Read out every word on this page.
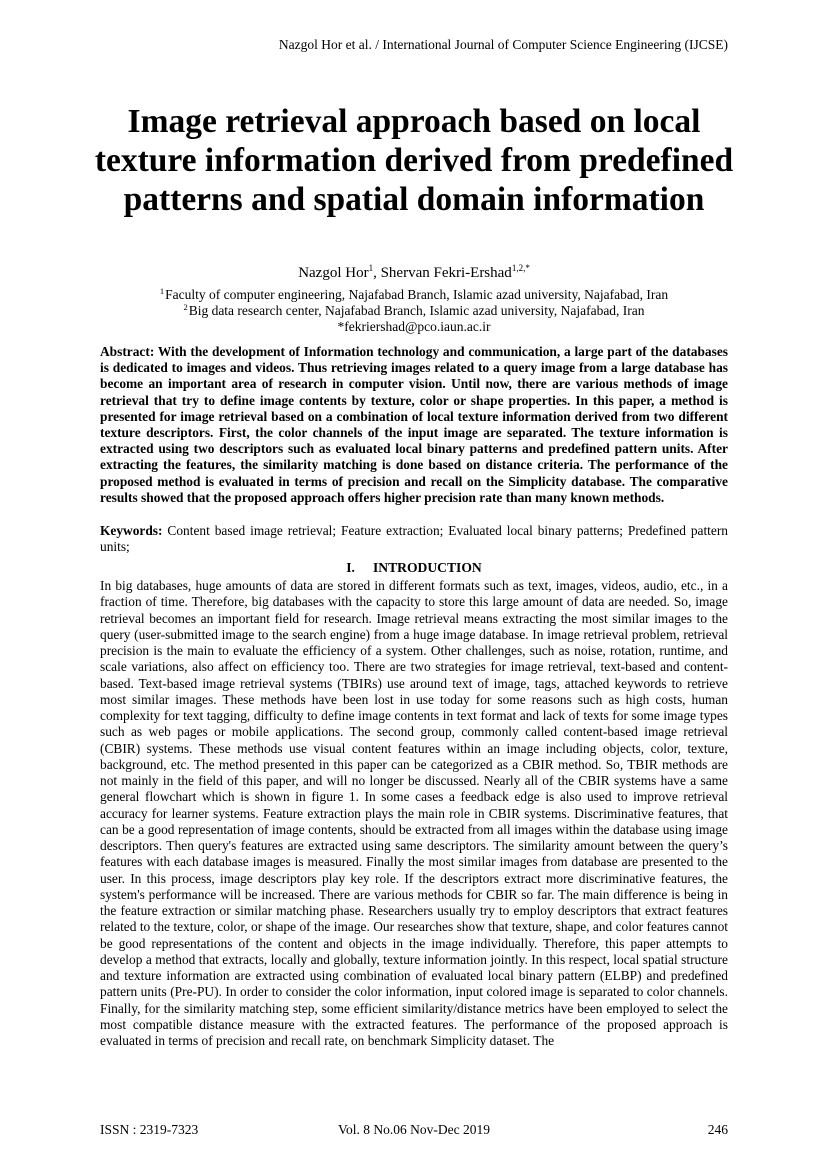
Nazgol Hor et al. / International Journal of Computer Science Engineering (IJCSE)
Image retrieval approach based on local texture information derived from predefined patterns and spatial domain information
Nazgol Hor$^1$, Shervan Fekri-Ershad$^{1,2,*}$
$^1$Faculty of computer engineering, Najafabad Branch, Islamic azad university, Najafabad, Iran
$^2$Big data research center, Najafabad Branch, Islamic azad university, Najafabad, Iran
*fekriershad@pco.iaun.ac.ir

Abstract: With the development of Information technology and communication, a large part of the databases is dedicated to images and videos. Thus retrieving images related to a query image from a large database has become an important area of research in computer vision. Until now, there are various methods of image retrieval that try to define image contents by texture, color or shape properties. In this paper, a method is presented for image retrieval based on a combination of local texture information derived from two different texture descriptors. First, the color channels of the input image are separated. The texture information is extracted using two descriptors such as evaluated local binary patterns and predefined pattern units. After extracting the features, the similarity matching is done based on distance criteria. The performance of the proposed method is evaluated in terms of precision and recall on the Simplicity database. The comparative results showed that the proposed approach offers higher precision rate than many known methods.

Keywords: Content based image retrieval; Feature extraction; Evaluated local binary patterns; Predefined pattern units;

I. INTRODUCTION

In big databases, huge amounts of data are stored in different formats such as text, images, videos, audio, etc., in a fraction of time. Therefore, big databases with the capacity to store this large amount of data are needed. So, image retrieval becomes an important field for research. Image retrieval means extracting the most similar images to the query (user-submitted image to the search engine) from a huge image database. In image retrieval problem, retrieval precision is the main to evaluate the efficiency of a system. Other challenges, such as noise, rotation, runtime, and scale variations, also affect on efficiency too. There are two strategies for image retrieval, text-based and content-based. Text-based image retrieval systems (TBIRs) use around text of image, tags, attached keywords to retrieve most similar images. These methods have been lost in use today for some reasons such as high costs, human complexity for text tagging, difficulty to define image contents in text format and lack of texts for some image types such as web pages or mobile applications. The second group, commonly called content-based image retrieval (CBIR) systems. These methods use visual content features within an image including objects, color, texture, background, etc. The method presented in this paper can be categorized as a CBIR method. So, TBIR methods are not mainly in the field of this paper, and will no longer be discussed. Nearly all of the CBIR systems have a same general flowchart which is shown in figure 1. In some cases a feedback edge is also used to improve retrieval accuracy for learner systems. Feature extraction plays the main role in CBIR systems. Discriminative features, that can be a good representation of image contents, should be extracted from all images within the database using image descriptors. Then query's features are extracted using same descriptors. The similarity amount between the query’s features with each database images is measured. Finally the most similar images from database are presented to the user. In this process, image descriptors play key role. If the descriptors extract more discriminative features, the system's performance will be increased. There are various methods for CBIR so far. The main difference is being in the feature extraction or similar matching phase. Researchers usually try to employ descriptors that extract features related to the texture, color, or shape of the image. Our researches show that texture, shape, and color features cannot be good representations of the content and objects in the image individually. Therefore, this paper attempts to develop a method that extracts, locally and globally, texture information jointly. In this respect, local spatial structure and texture information are extracted using combination of evaluated local binary pattern (ELBP) and predefined pattern units (Pre-PU). In order to consider the color information, input colored image is separated to color channels. Finally, for the similarity matching step, some efficient similarity/distance metrics have been employed to select the most compatible distance measure with the extracted features. The performance of the proposed approach is evaluated in terms of precision and recall rate, on benchmark Simplicity dataset. The

ISSN : 2319-7323	Vol. 8 No.06 Nov-Dec 2019	246
